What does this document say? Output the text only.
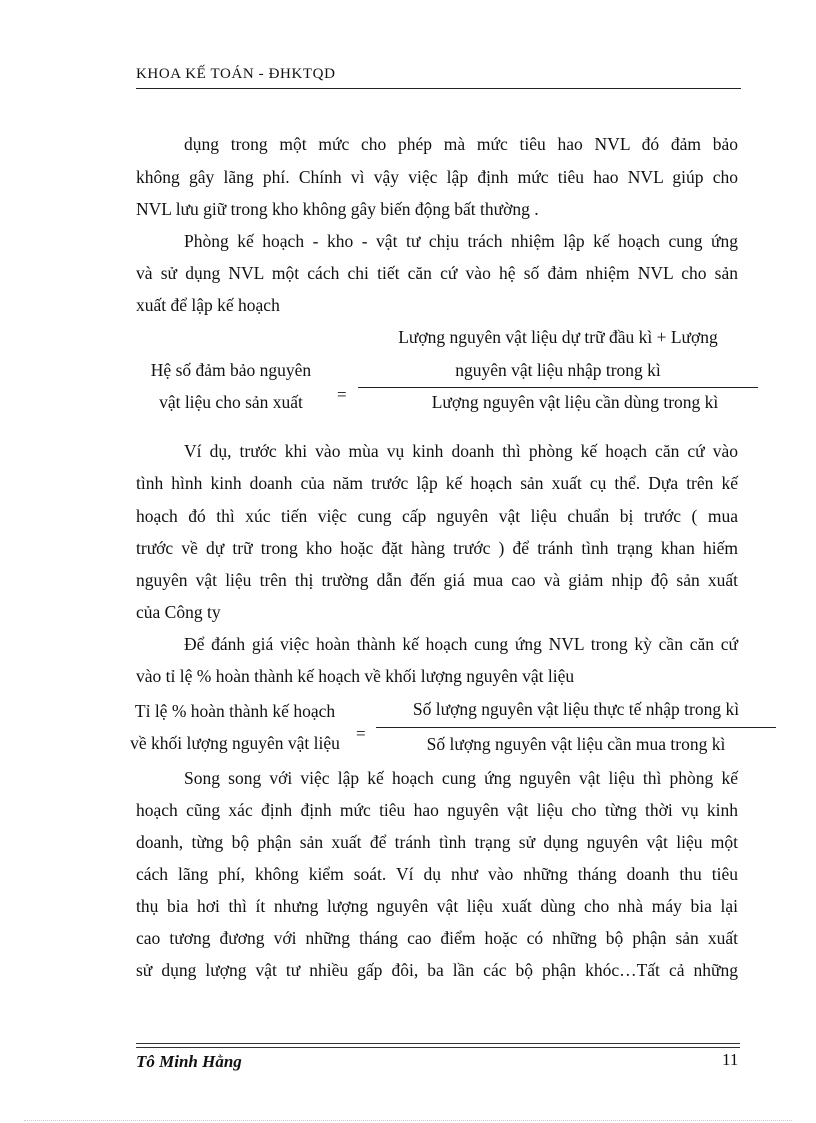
KHOA KẾ TOÁN - ĐHKTQD
dụng trong một mức cho phép mà mức tiêu hao NVL đó đảm bảo
không gây lãng phí. Chính vì vậy việc lập định mức tiêu hao NVL giúp cho
NVL lưu giữ trong kho không gây biến động bất thường .
Phòng kế hoạch - kho - vật tư chịu trách nhiệm lập kế hoạch cung ứng
và sử dụng NVL một cách chi tiết căn cứ vào hệ số đảm nhiệm NVL cho sản
xuất để lập kế hoạch
Hệ số đảm bảo nguyên
vật liệu cho sản xuất	=
Lượng nguyên vật liệu dự trữ đầu kì + Lượng
nguyên vật liệu nhập trong kì
Lượng nguyên vật liệu cần dùng trong kì
Ví dụ, trước khi vào mùa vụ kinh doanh thì phòng kế hoạch căn cứ vào
tình hình kinh doanh của năm trước lập kế hoạch sản xuất cụ thể. Dựa trên kế
hoạch đó thì xúc tiến việc cung cấp nguyên vật liệu chuẩn bị trước ( mua
trước về dự trữ trong kho hoặc đặt hàng trước ) để tránh tình trạng khan hiếm
nguyên vật liệu trên thị trường dẫn đến giá mua cao và giảm nhịp độ sản xuất
của Công ty
Để đánh giá việc hoàn thành kế hoạch cung ứng NVL trong kỳ cần căn cứ
vào tỉ lệ % hoàn thành kế hoạch về khối lượng nguyên vật liệu
Tỉ lệ % hoàn thành kế hoạch
về khối lượng nguyên vật liệu =
Số lượng nguyên vật liệu thực tế nhập trong kì
Số lượng nguyên vật liệu cần mua trong kì
Song song với việc lập kế hoạch cung ứng nguyên vật liệu thì phòng kế
hoạch cũng xác định định mức tiêu hao nguyên vật liệu cho từng thời vụ kinh
doanh, từng bộ phận sản xuất để tránh tình trạng sử dụng nguyên vật liệu một
cách lãng phí, không kiểm soát. Ví dụ như vào những tháng doanh thu tiêu
thụ bia hơi thì ít nhưng lượng nguyên vật liệu xuất dùng cho nhà máy bia lại
cao tương đương với những tháng cao điểm hoặc có những bộ phận sản xuất
sử dụng lượng vật tư nhiều gấp đôi, ba lần các bộ phận khóc…Tất cả những
Tô Minh Hằng	11
